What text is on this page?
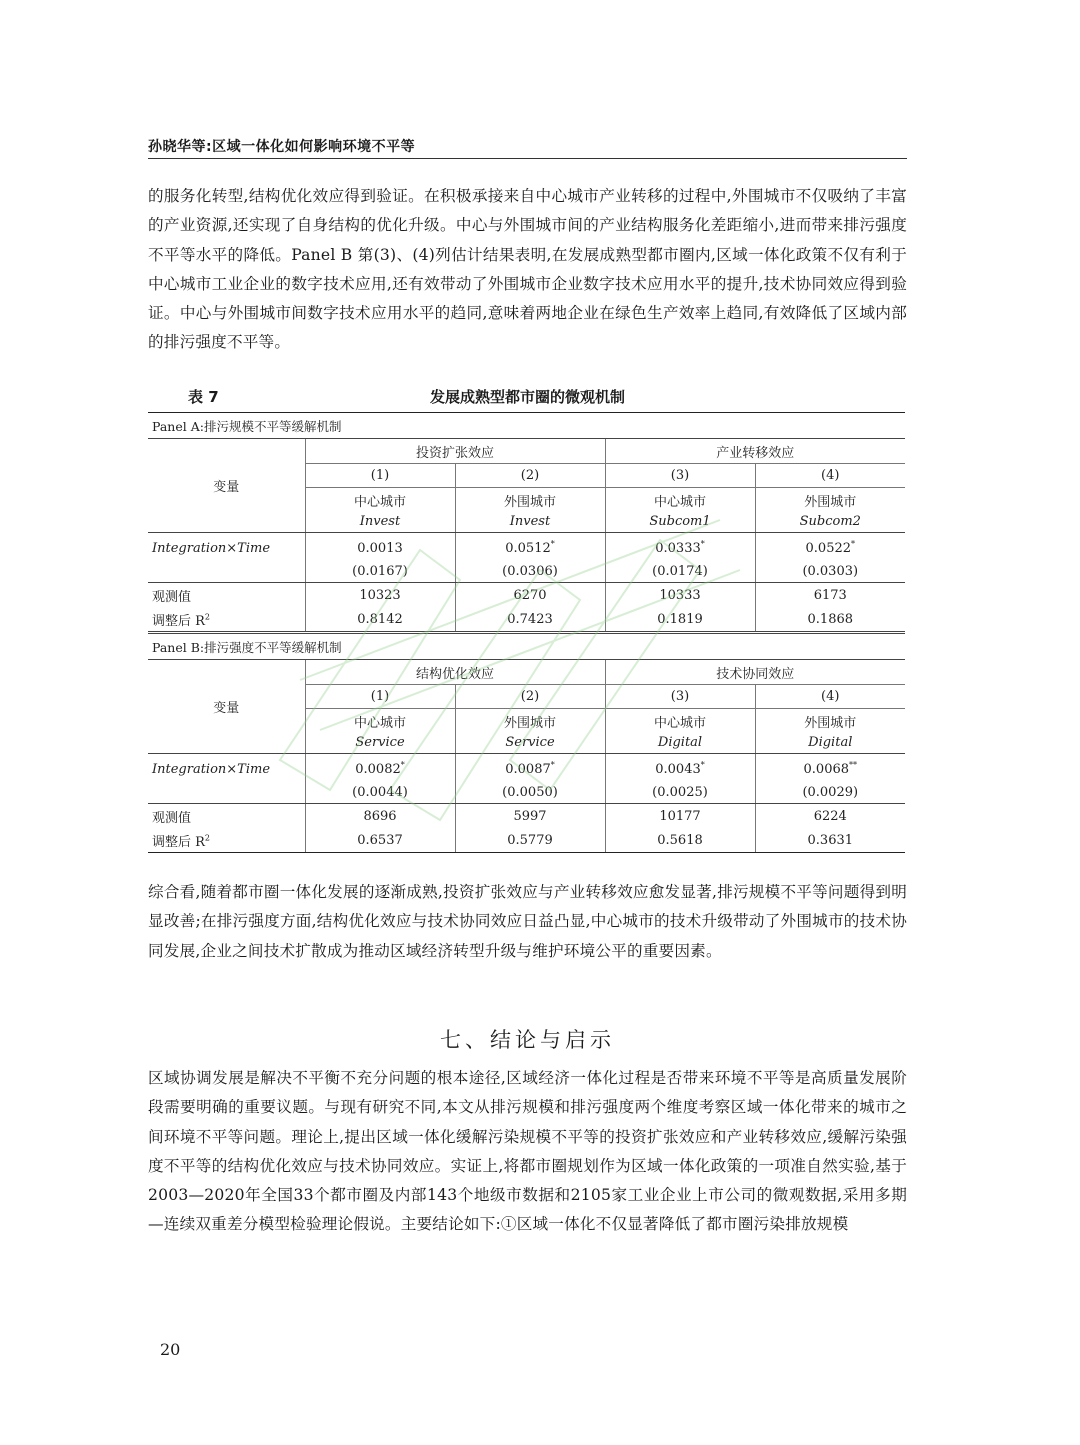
孙晓华等:区域一体化如何影响环境不平等

的服务化转型,结构优化效应得到验证。在积极承接来自中心城市产业转移的过程中,外围城市不仅吸纳了丰富的产业资源,还实现了自身结构的优化升级。中心与外围城市间的产业结构服务化差距缩小,进而带来排污强度不平等水平的降低。Panel B 第(3)、(4)列估计结果表明,在发展成熟型都市圈内,区域一体化政策不仅有利于中心城市工业企业的数字技术应用,还有效带动了外围城市企业数字技术应用水平的提升,技术协同效应得到验证。中心与外围城市间数字技术应用水平的趋同,意味着两地企业在绿色生产效率上趋同,有效降低了区域内部的排污强度不平等。

表 7	发展成熟型都市圈的微观机制
Panel A:排污规模不平等缓解机制				
变量	投资扩张效应		产业转移效应	
	(1)	(2)	(3)	(4)
	中心城市	外围城市	中心城市	外围城市
	Invest	Invest	Subcom1	Subcom2
Integration×Time	0.0013	0.0512*	0.0333*	0.0522*
	(0.0167)	(0.0306)	(0.0174)	(0.0303)
观测值	10323	6270	10333	6173
调整后 $R^2$	0.8142	0.7423	0.1819	0.1868
Panel B:排污强度不平等缓解机制				
变量	结构优化效应		技术协同效应	
	(1)	(2)	(3)	(4)
	中心城市	外围城市	中心城市	外围城市
	Service	Service	Digital	Digital
Integration×Time	0.0082*	0.0087*	0.0043*	0.0068**
	(0.0044)	(0.0050)	(0.0025)	(0.0029)
观测值	8696	5997	10177	6224
调整后 $R^2$	0.6537	0.5779	0.5618	0.3631

综合看,随着都市圈一体化发展的逐渐成熟,投资扩张效应与产业转移效应愈发显著,排污规模不平等问题得到明显改善;在排污强度方面,结构优化效应与技术协同效应日益凸显,中心城市的技术升级带动了外围城市的技术协同发展,企业之间技术扩散成为推动区域经济转型升级与维护环境公平的重要因素。

七、结论与启示

区域协调发展是解决不平衡不充分问题的根本途径,区域经济一体化过程是否带来环境不平等是高质量发展阶段需要明确的重要议题。与现有研究不同,本文从排污规模和排污强度两个维度考察区域一体化带来的城市之间环境不平等问题。理论上,提出区域一体化缓解污染规模不平等的投资扩张效应和产业转移效应,缓解污染强度不平等的结构优化效应与技术协同效应。实证上,将都市圈规划作为区域一体化政策的一项准自然实验,基于2003—2020年全国33个都市圈及内部143个地级市数据和2105家工业企业上市公司的微观数据,采用多期—连续双重差分模型检验理论假说。主要结论如下:①区域一体化不仅显著降低了都市圈污染排放规模

20
